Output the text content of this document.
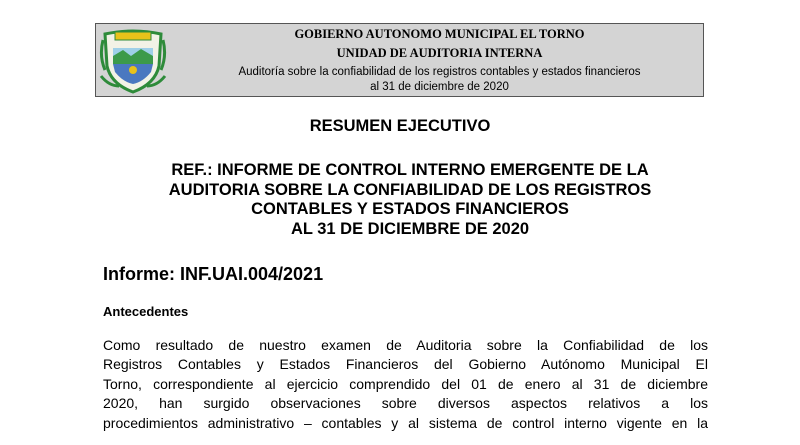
GOBIERNO AUTONOMO MUNICIPAL EL TORNO
UNIDAD DE AUDITORIA INTERNA
Auditoría sobre la confiabilidad de los registros contables y estados financieros
al 31 de diciembre de 2020
RESUMEN EJECUTIVO
REF.: INFORME DE CONTROL INTERNO EMERGENTE DE LA
AUDITORIA SOBRE LA CONFIABILIDAD DE LOS REGISTROS
CONTABLES Y ESTADOS FINANCIEROS
AL 31 DE DICIEMBRE DE 2020
Informe: INF.UAI.004/2021
Antecedentes
Como resultado de nuestro examen de Auditoria sobre la Confiabilidad de los
Registros Contables y Estados Financieros del Gobierno Autónomo Municipal El
Torno, correspondiente al ejercicio comprendido del 01 de enero al 31 de diciembre
2020, han surgido observaciones sobre diversos aspectos relativos a los
procedimientos administrativo – contables y al sistema de control interno vigente en la
